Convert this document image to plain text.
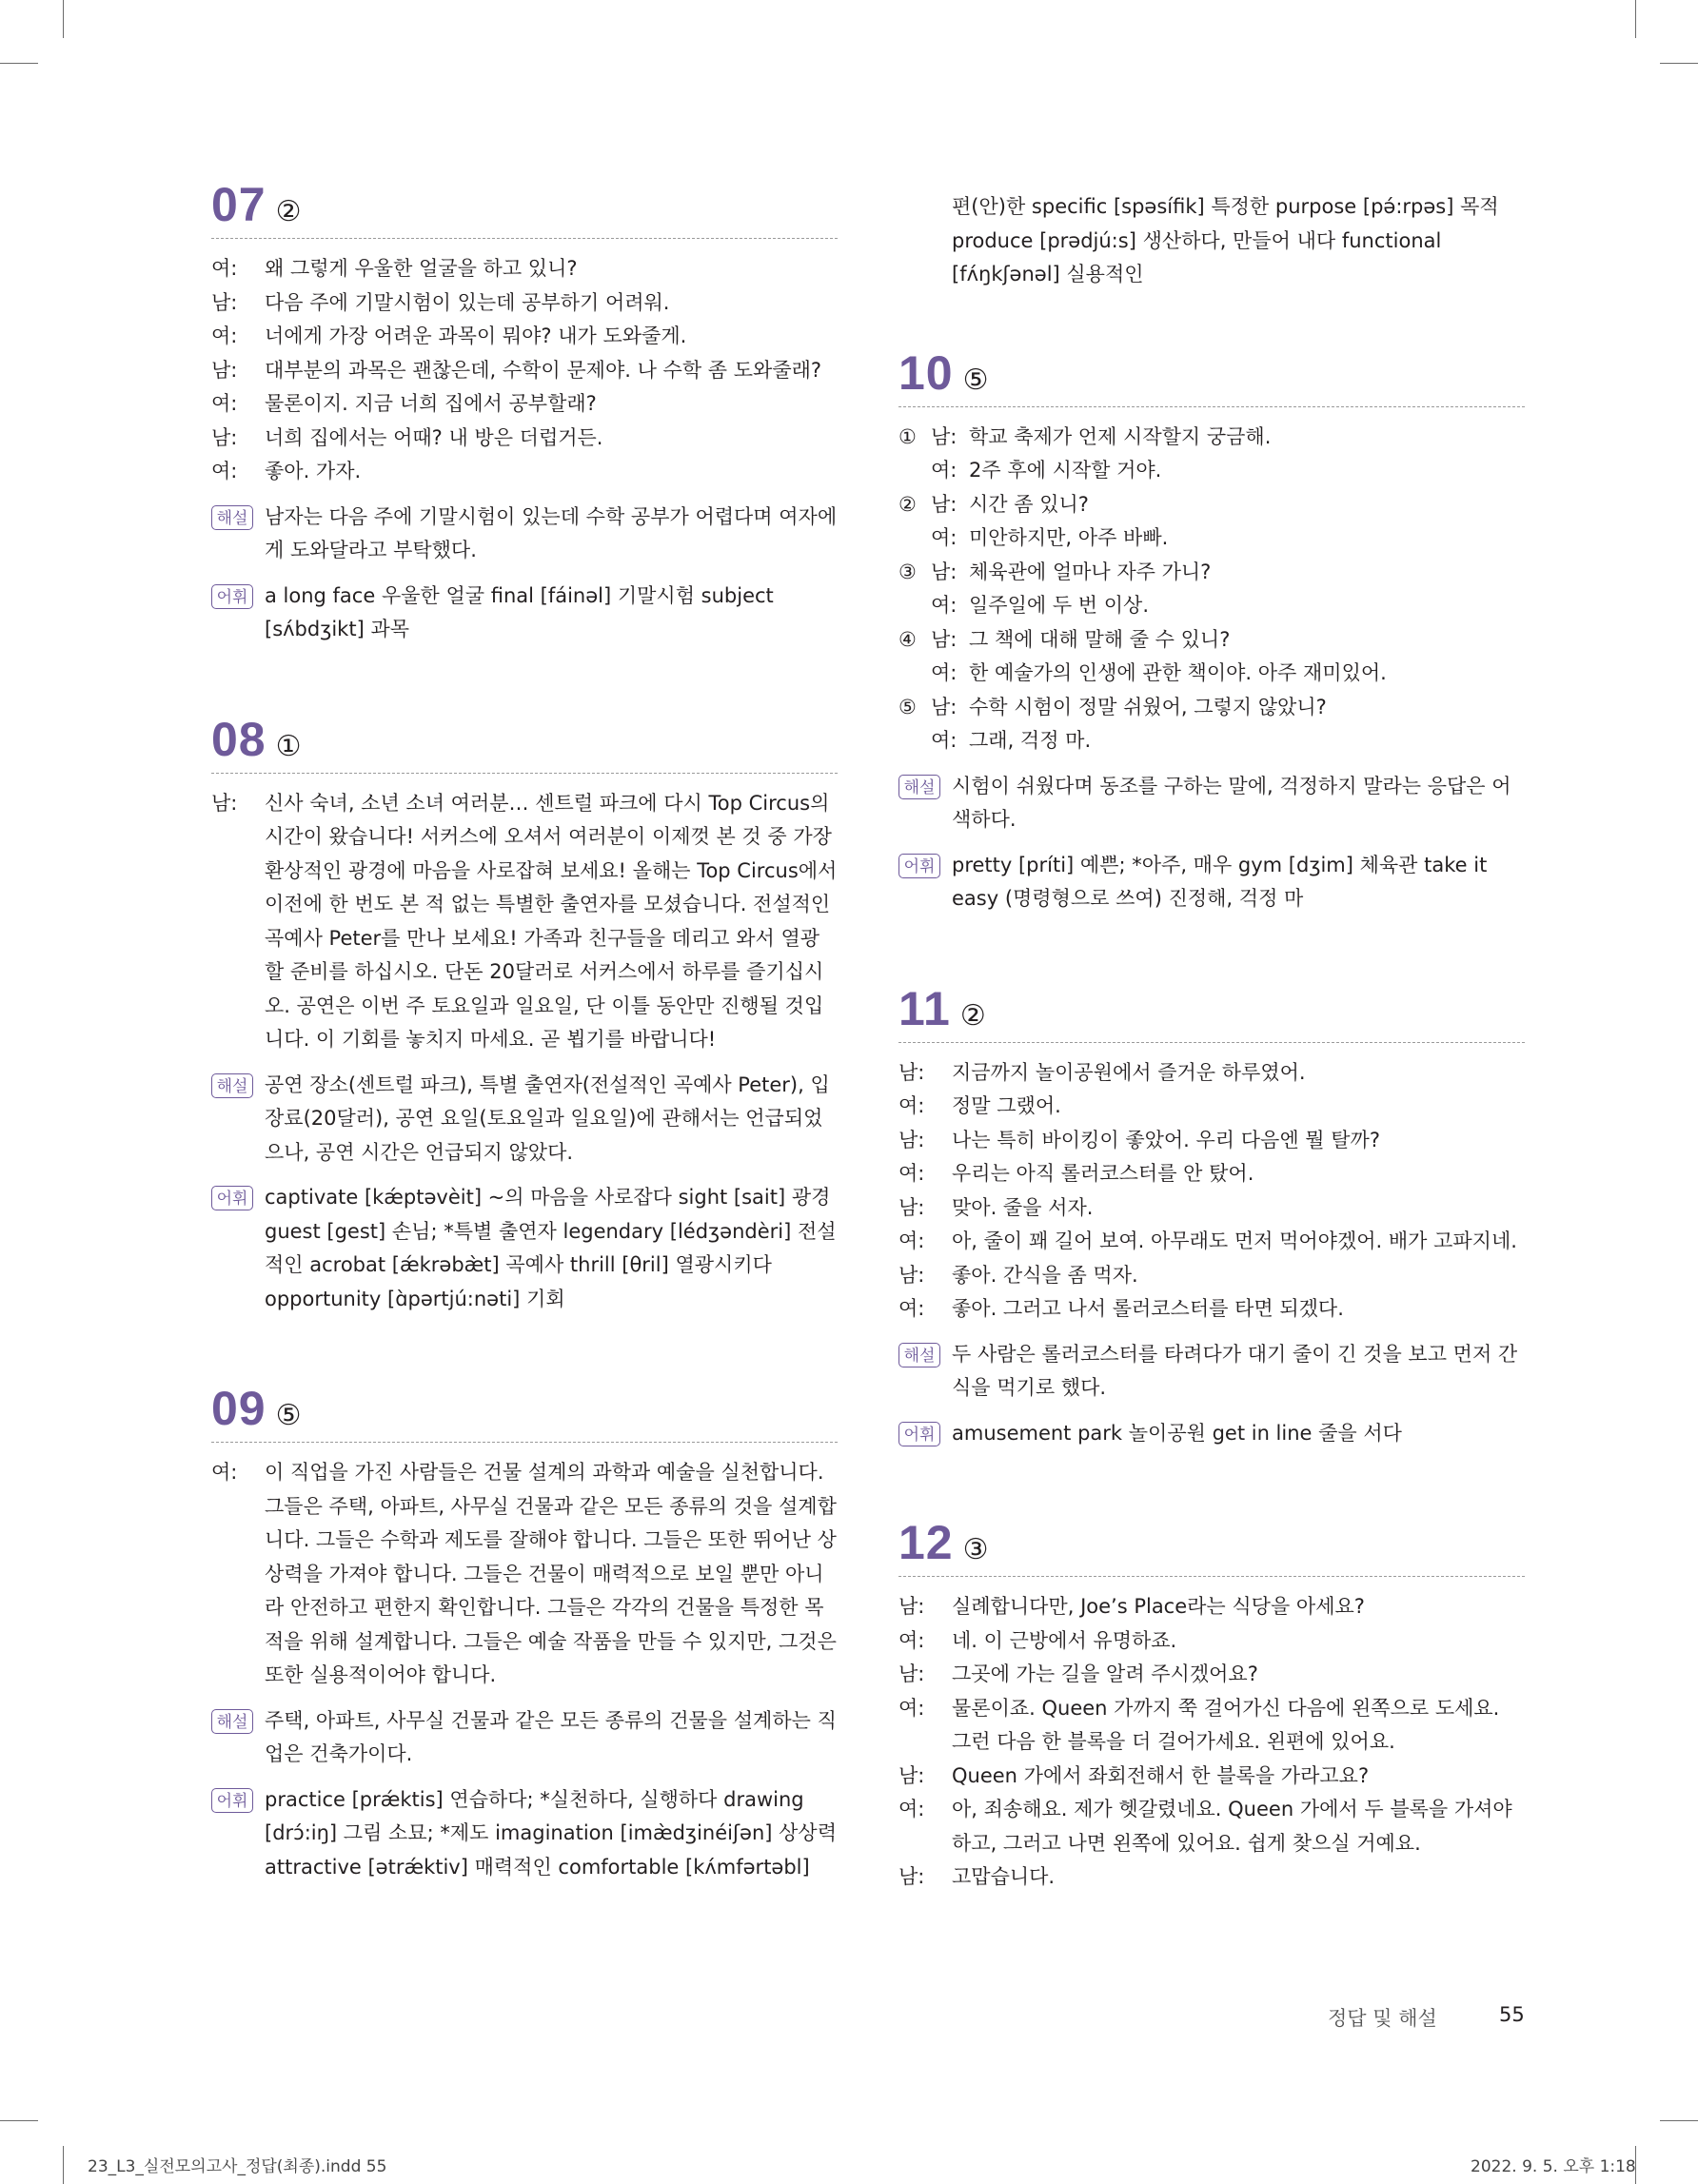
07 ②
여:	왜 그렇게 우울한 얼굴을 하고 있니?
남:	다음 주에 기말시험이 있는데 공부하기 어려워.
여:	너에게 가장 어려운 과목이 뭐야? 내가 도와줄게.
남:	대부분의 과목은 괜찮은데, 수학이 문제야. 나 수학 좀 도와줄래?
여:	물론이지. 지금 너희 집에서 공부할래?
남:	너희 집에서는 어때? 내 방은 더럽거든.
여:	좋아. 가자.
해설 남자는 다음 주에 기말시험이 있는데 수학 공부가 어렵다며 여자에게 도와달라고 부탁했다.
어휘 a long face 우울한 얼굴 final [fáinəl] 기말시험 subject [sʌ́bdʒikt] 과목
08 ①
남:	신사 숙녀, 소년 소녀 여러분… 센트럴 파크에 다시 Top Circus의 시간이 왔습니다! 서커스에 오셔서 여러분이 이제껏 본 것 중 가장 환상적인 광경에 마음을 사로잡혀 보세요! 올해는 Top Circus에서 이전에 한 번도 본 적 없는 특별한 출연자를 모셨습니다. 전설적인 곡예사 Peter를 만나 보세요! 가족과 친구들을 데리고 와서 열광할 준비를 하십시오. 단돈 20달러로 서커스에서 하루를 즐기십시오. 공연은 이번 주 토요일과 일요일, 단 이틀 동안만 진행될 것입니다. 이 기회를 놓치지 마세요. 곧 뵙기를 바랍니다!
해설 공연 장소(센트럴 파크), 특별 출연자(전설적인 곡예사 Peter), 입장료(20달러), 공연 요일(토요일과 일요일)에 관해서는 언급되었으나, 공연 시간은 언급되지 않았다.
어휘 captivate [kǽptəvèit] ~의 마음을 사로잡다 sight [sait] 광경 guest [gest] 손님; *특별 출연자 legendary [lédʒəndèri] 전설적인 acrobat [ǽkrəbæ̀t] 곡예사 thrill [θril] 열광시키다 opportunity [ɑ̀pərtjú:nəti] 기회
09 ⑤
여:	이 직업을 가진 사람들은 건물 설계의 과학과 예술을 실천합니다. 그들은 주택, 아파트, 사무실 건물과 같은 모든 종류의 것을 설계합니다. 그들은 수학과 제도를 잘해야 합니다. 그들은 또한 뛰어난 상상력을 가져야 합니다. 그들은 건물이 매력적으로 보일 뿐만 아니라 안전하고 편한지 확인합니다. 그들은 각각의 건물을 특정한 목적을 위해 설계합니다. 그들은 예술 작품을 만들 수 있지만, 그것은 또한 실용적이어야 합니다.
해설 주택, 아파트, 사무실 건물과 같은 모든 종류의 건물을 설계하는 직업은 건축가이다.
어휘 practice [prǽktis] 연습하다; *실천하다, 실행하다 drawing [drɔ́:iŋ] 그림 소묘; *제도 imagination [imæ̀dʒinéiʃən] 상상력 attractive [ətrǽktiv] 매력적인 comfortable [kʌ́mfərtəbl]
편(안)한 specific [spəsífik] 특정한 purpose [pə́:rpəs] 목적 produce [prədjú:s] 생산하다, 만들어 내다 functional [fʌ́ŋkʃənəl] 실용적인
10 ⑤
① 남: 학교 축제가 언제 시작할지 궁금해.
여: 2주 후에 시작할 거야.
② 남: 시간 좀 있니?
여: 미안하지만, 아주 바빠.
③ 남: 체육관에 얼마나 자주 가니?
여: 일주일에 두 번 이상.
④ 남: 그 책에 대해 말해 줄 수 있니?
여: 한 예술가의 인생에 관한 책이야. 아주 재미있어.
⑤ 남: 수학 시험이 정말 쉬웠어, 그렇지 않았니?
여: 그래, 걱정 마.
해설 시험이 쉬웠다며 동조를 구하는 말에, 걱정하지 말라는 응답은 어색하다.
어휘 pretty [príti] 예쁜; *아주, 매우 gym [dʒim] 체육관 take it easy (명령형으로 쓰여) 진정해, 걱정 마
11 ②
남:	지금까지 놀이공원에서 즐거운 하루였어.
여:	정말 그랬어.
남:	나는 특히 바이킹이 좋았어. 우리 다음엔 뭘 탈까?
여:	우리는 아직 롤러코스터를 안 탔어.
남:	맞아. 줄을 서자.
여:	아, 줄이 꽤 길어 보여. 아무래도 먼저 먹어야겠어. 배가 고파지네.
남:	좋아. 간식을 좀 먹자.
여:	좋아. 그러고 나서 롤러코스터를 타면 되겠다.
해설 두 사람은 롤러코스터를 타려다가 대기 줄이 긴 것을 보고 먼저 간식을 먹기로 했다.
어휘 amusement park 놀이공원 get in line 줄을 서다
12 ③
남:	실례합니다만, Joe’s Place라는 식당을 아세요?
여:	네. 이 근방에서 유명하죠.
남:	그곳에 가는 길을 알려 주시겠어요?
여:	물론이죠. Queen 가까지 쭉 걸어가신 다음에 왼쪽으로 도세요. 그런 다음 한 블록을 더 걸어가세요. 왼편에 있어요.
남:	Queen 가에서 좌회전해서 한 블록을 가라고요?
여:	아, 죄송해요. 제가 헷갈렸네요. Queen 가에서 두 블록을 가셔야 하고, 그러고 나면 왼쪽에 있어요. 쉽게 찾으실 거예요.
남:	고맙습니다.
정답 및 해설	55
23_L3_실전모의고사_정답(최종).indd 55	2022. 9. 5. 오후 1:18
